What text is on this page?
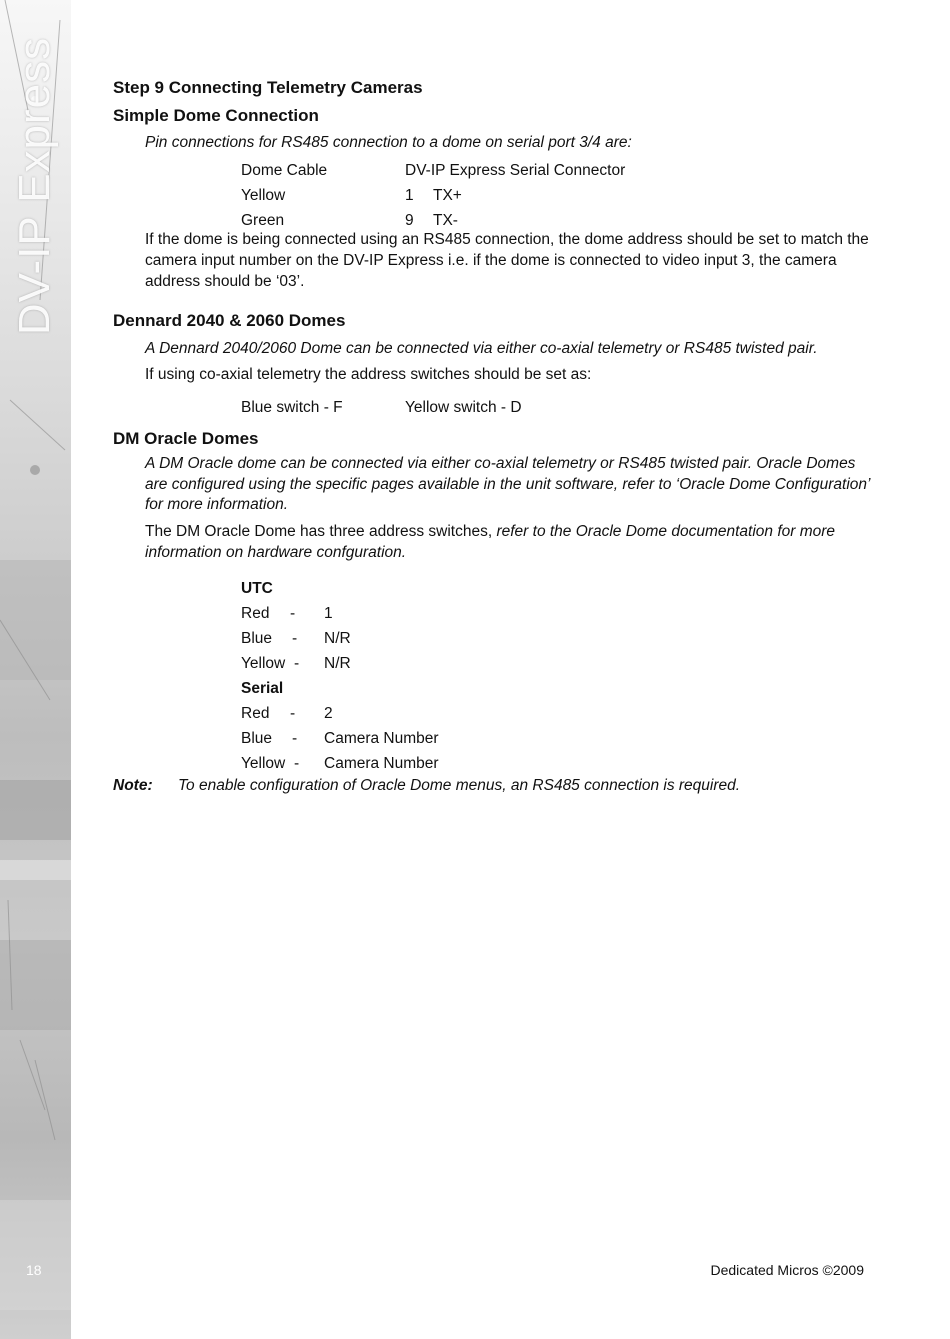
DV-IP Express
18	Dedicated Micros ©2009
Step 9 Connecting Telemetry Cameras
Simple Dome Connection

Pin connections for RS485 connection to a dome on serial port 3/4 are:

Dome Cable	DV-IP Express Serial Connector
Yellow	1 TX+
Green	9 TX-

If the dome is being connected using an RS485 connection, the dome address should be set to match the camera input number on the DV-IP Express i.e. if the dome is connected to video input 3, the camera address should be ‘03’.

Dennard 2040 & 2060 Domes

A Dennard 2040/2060 Dome can be connected via either co-axial telemetry or RS485 twisted pair.

If using co-axial telemetry the address switches should be set as:

Blue switch - F	Yellow switch - D
DM Oracle Domes

A DM Oracle dome can be connected via either co-axial telemetry or RS485 twisted pair. Oracle Domes are configured using the specific pages available in the unit software, refer to ‘Oracle Dome Configuration’ for more information.

The DM Oracle Dome has three address switches, refer to the Oracle Dome documentation for more information on hardware confguration.

UTC
Red - 1
Blue - N/R
Yellow - N/R
Serial
Red - 2
Blue - Camera Number
Yellow - Camera Number
Note: To enable configuration of Oracle Dome menus, an RS485 connection is required.
